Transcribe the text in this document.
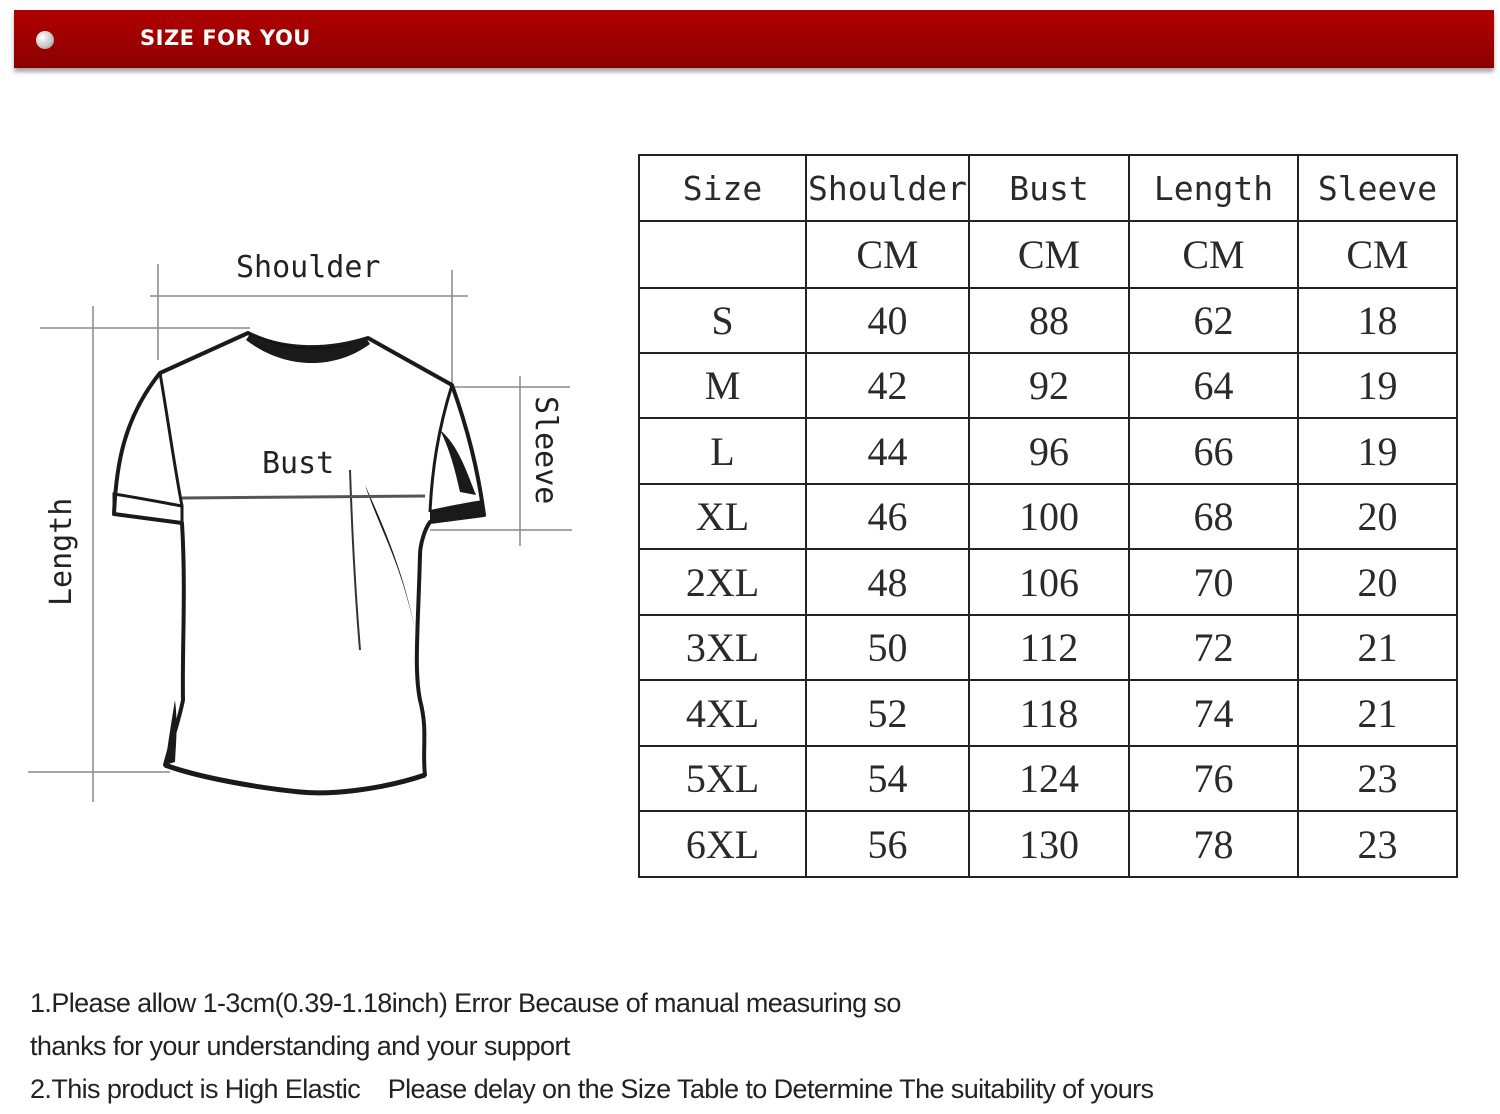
SIZE FOR YOU
Shoulder
Bust	Sleeve
Length
Size	Shoulder	Bust	Length	Sleeve
	CM	CM	CM	CM
S	40	88	62	18
M	42	92	64	19
L	44	96	66	19
XL	46	100	68	20
2XL	48	106	70	20
3XL	50	112	72	21
4XL	52	118	74	21
5XL	54	124	76	23
6XL	56	130	78	23
1.Please allow 1-3cm(0.39-1.18inch) Error Because of manual measuring so
thanks for your understanding and your support
2.This product is High Elastic    Please delay on the Size Table to Determine The suitability of yours
